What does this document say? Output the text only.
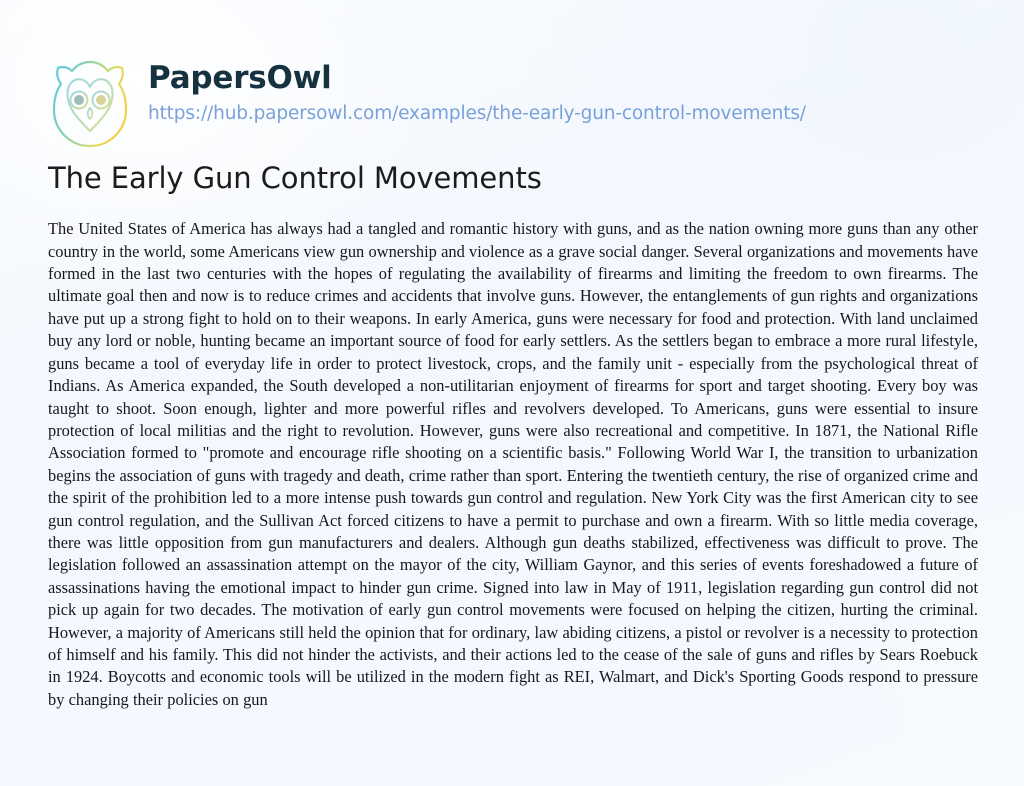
PapersOwl
https://hub.papersowl.com/examples/the-early-gun-control-movements/
The Early Gun Control Movements

The United States of America has always had a tangled and romantic history with guns, and as the nation owning more guns than any other country in the world, some Americans view gun ownership and violence as a grave social danger. Several organizations and movements have formed in the last two centuries with the hopes of regulating the availability of firearms and limiting the freedom to own firearms. The ultimate goal then and now is to reduce crimes and accidents that involve guns. However, the entanglements of gun rights and organizations have put up a strong fight to hold on to their weapons. In early America, guns were necessary for food and protection. With land unclaimed buy any lord or noble, hunting became an important source of food for early settlers. As the settlers began to embrace a more rural lifestyle, guns became a tool of everyday life in order to protect livestock, crops, and the family unit - especially from the psychological threat of Indians. As America expanded, the South developed a non-utilitarian enjoyment of firearms for sport and target shooting. Every boy was taught to shoot. Soon enough, lighter and more powerful rifles and revolvers developed. To Americans, guns were essential to insure protection of local militias and the right to revolution. However, guns were also recreational and competitive. In 1871, the National Rifle Association formed to "promote and encourage rifle shooting on a scientific basis." Following World War I, the transition to urbanization begins the association of guns with tragedy and death, crime rather than sport. Entering the twentieth century, the rise of organized crime and the spirit of the prohibition led to a more intense push towards gun control and regulation. New York City was the first American city to see gun control regulation, and the Sullivan Act forced citizens to have a permit to purchase and own a firearm. With so little media coverage, there was little opposition from gun manufacturers and dealers. Although gun deaths stabilized, effectiveness was difficult to prove. The legislation followed an assassination attempt on the mayor of the city, William Gaynor, and this series of events foreshadowed a future of assassinations having the emotional impact to hinder gun crime. Signed into law in May of 1911, legislation regarding gun control did not pick up again for two decades. The motivation of early gun control movements were focused on helping the citizen, hurting the criminal. However, a majority of Americans still held the opinion that for ordinary, law abiding citizens, a pistol or revolver is a necessity to protection of himself and his family. This did not hinder the activists, and their actions led to the cease of the sale of guns and rifles by Sears Roebuck in 1924. Boycotts and economic tools will be utilized in the modern fight as REI, Walmart, and Dick's Sporting Goods respond to pressure by changing their policies on gun
